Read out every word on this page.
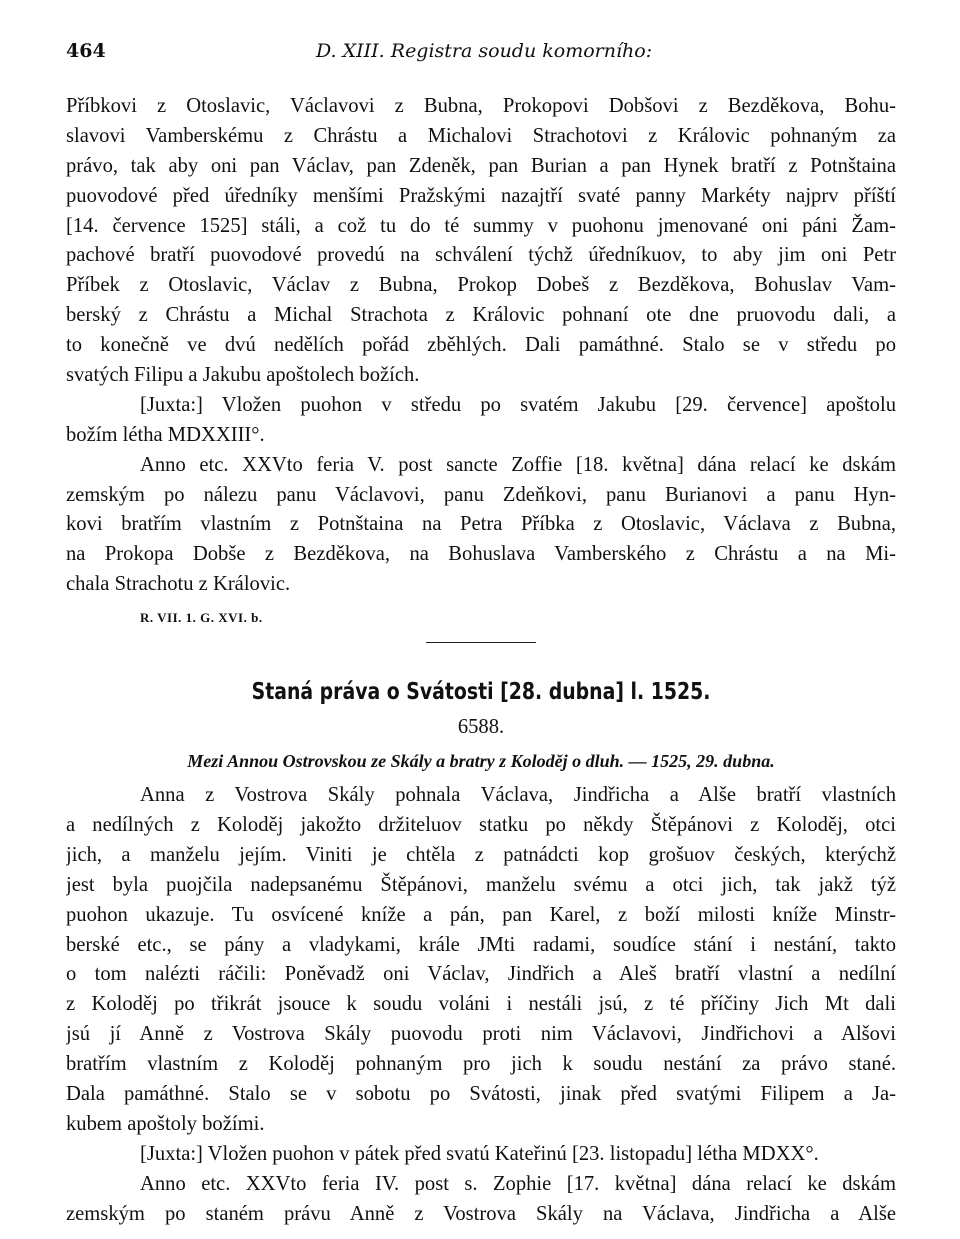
464	D. XIII. Registra soudu komorního:
Příbkovi z Otoslavic, Václavovi z Bubna, Prokopovi Dobšovi z Bezděkova, Bohu-
slavovi Vamberskému z Chrástu a Michalovi Strachotovi z Královic pohnaným za
právo, tak aby oni pan Václav, pan Zdeněk, pan Burian a pan Hynek bratří z Potnštaina
puovodové před úředníky menšími Pražskými nazajtří svaté panny Markéty najprv příští
[14. července 1525] stáli, a což tu do té summy v puohonu jmenované oni páni Žam-
pachové bratří puovodové provedú na schválení týchž úředníkuov, to aby jim oni Petr
Příbek z Otoslavic, Václav z Bubna, Prokop Dobeš z Bezděkova, Bohuslav Vam-
berský z Chrástu a Michal Strachota z Královic pohnaní ote dne pruovodu dali, a
to konečně ve dvú nedělích pořád zběhlých. Dali památhné. Stalo se v středu po
svatých Filipu a Jakubu apoštolech božích.
[Juxta:] Vložen puohon v středu po svatém Jakubu [29. července] apoštolu
božím létha MDXXIII°.
Anno etc. XXVto feria V. post sancte Zoffie [18. května] dána relací ke dskám
zemským po nálezu panu Václavovi, panu Zdeňkovi, panu Burianovi a panu Hyn-
kovi bratřím vlastním z Potnštaina na Petra Příbka z Otoslavic, Václava z Bubna,
na Prokopa Dobše z Bezděkova, na Bohuslava Vamberského z Chrástu a na Mi-
chala Strachotu z Královic.
R. VII. 1. G. XVI. b.
Staná práva o Svátosti [28. dubna] l. 1525.
6588.
Mezi Annou Ostrovskou ze Skály a bratry z Koloděj o dluh. — 1525, 29. dubna.
Anna z Vostrova Skály pohnala Václava, Jindřicha a Alše bratří vlastních
a nedílných z Koloděj jakožto držiteluov statku po někdy Štěpánovi z Koloděj, otci
jich, a manželu jejím. Viniti je chtěla z patnádcti kop grošuov českých, kterýchž
jest byla puojčila nadepsanému Štěpánovi, manželu svému a otci jich, tak jakž týž
puohon ukazuje. Tu osvícené kníže a pán, pan Karel, z boží milosti kníže Minstr-
berské etc., se pány a vladykami, krále JMti radami, soudíce stání i nestání, takto
o tom nalézti ráčili: Poněvadž oni Václav, Jindřich a Aleš bratří vlastní a nedílní
z Koloděj po třikrát jsouce k soudu voláni i nestáli jsú, z té příčiny Jich Mt dali
jsú jí Anně z Vostrova Skály puovodu proti nim Václavovi, Jindřichovi a Alšovi
bratřím vlastním z Koloděj pohnaným pro jich k soudu nestání za právo stané.
Dala památhné. Stalo se v sobotu po Svátosti, jinak před svatými Filipem a Ja-
kubem apoštoly božími.
[Juxta:] Vložen puohon v pátek před svatú Kateřinú [23. listopadu] létha MDXX°.
Anno etc. XXVto feria IV. post s. Zophie [17. května] dána relací ke dskám
zemským po staném právu Anně z Vostrova Skály na Václava, Jindřicha a Alše
